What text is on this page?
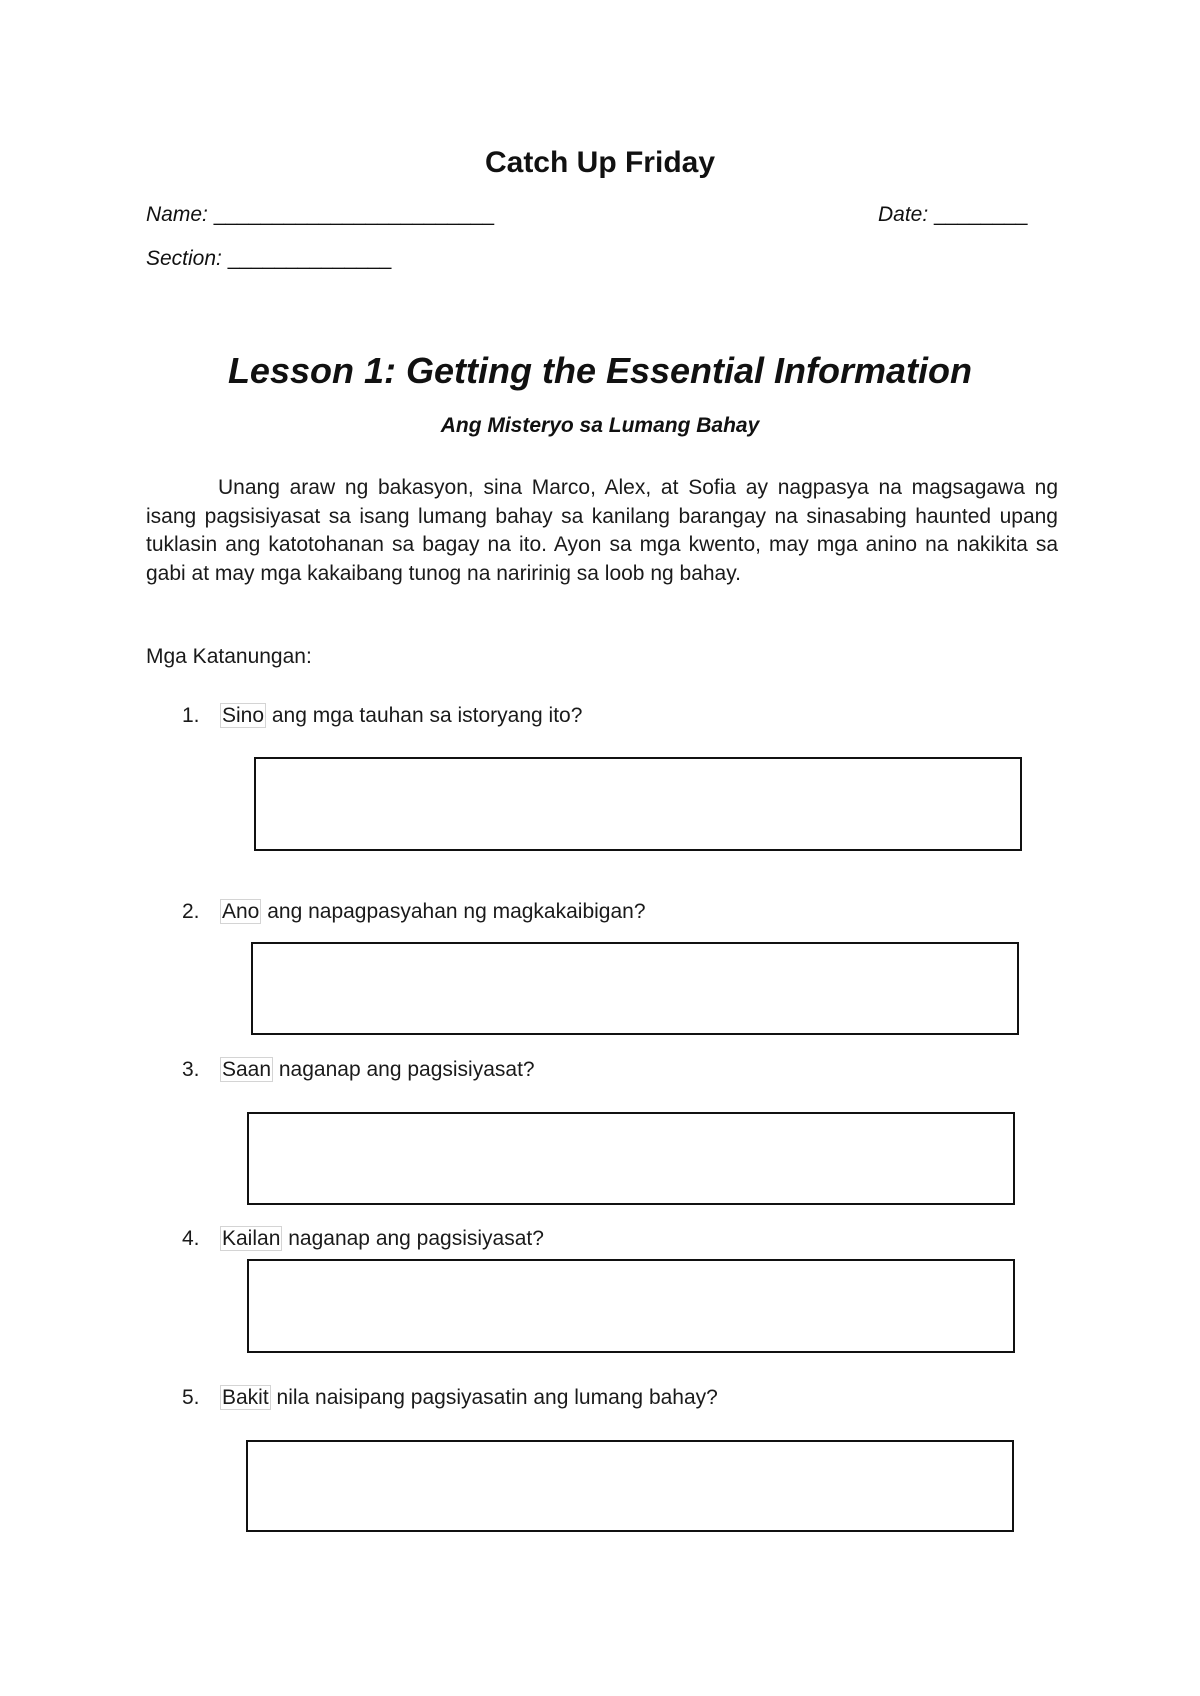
Catch Up Friday
Name: ________________________	Date: ________
Section: ______________
Lesson 1: Getting the Essential Information
Ang Misteryo sa Lumang Bahay
Unang araw ng bakasyon, sina Marco, Alex, at Sofia ay nagpasya na magsagawa ng isang pagsisiyasat sa isang lumang bahay sa kanilang barangay na sinasabing haunted upang tuklasin ang katotohanan sa bagay na ito. Ayon sa mga kwento, may mga anino na nakikita sa gabi at may mga kakaibang tunog na naririnig sa loob ng bahay.
Mga Katanungan:
1. Sino ang mga tauhan sa istoryang ito?
2. Ano ang napagpasyahan ng magkakaibigan?
3. Saan naganap ang pagsisiyasat?
4. Kailan naganap ang pagsisiyasat?
5. Bakit nila naisipang pagsiyasatin ang lumang bahay?
